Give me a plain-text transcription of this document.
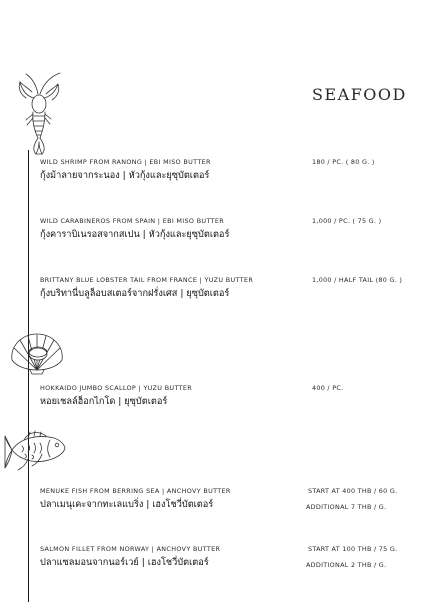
SEAFOOD
WILD SHRIMP FROM RANONG | EBI MISO BUTTER
กุ้งม้าลายจากระนอง | หัวกุ้งและยุซุบัตเตอร์
180 / PC. ( 80 G. )
WILD CARABINEROS FROM SPAIN | EBI MISO BUTTER
กุ้งคาราบิเนรอสจากสเปน | หัวกุ้งและยุซุบัตเตอร์
1,000 / PC. ( 75 G. )
BRITTANY BLUE LOBSTER TAIL FROM FRANCE | YUZU BUTTER
กุ้งบริทานี่บลูล็อบสเตอร์จากฝรั่งเศส | ยุซุบัตเตอร์
1,000 / HALF TAIL (80 G. )
HOKKAIDO JUMBO SCALLOP | YUZU BUTTER
หอยเชลล์ฮ็อกไกโด | ยุซุบัตเตอร์
400 / PC.
MENUKE FISH FROM BERRING SEA | ANCHOVY BUTTER
ปลาเมนุเคะจากทะเลแบริ่ง | เฮงโชวี่บัตเตอร์
START AT 400 THB / 60 G.
ADDITIONAL 7 THB / G.
SALMON FILLET FROM NORWAY | ANCHOVY BUTTER
ปลาแซลมอนจากนอร์เวย์ | เฮงโชวี่บัตเตอร์
START AT 100 THB / 75 G.
ADDITIONAL 2 THB / G.
